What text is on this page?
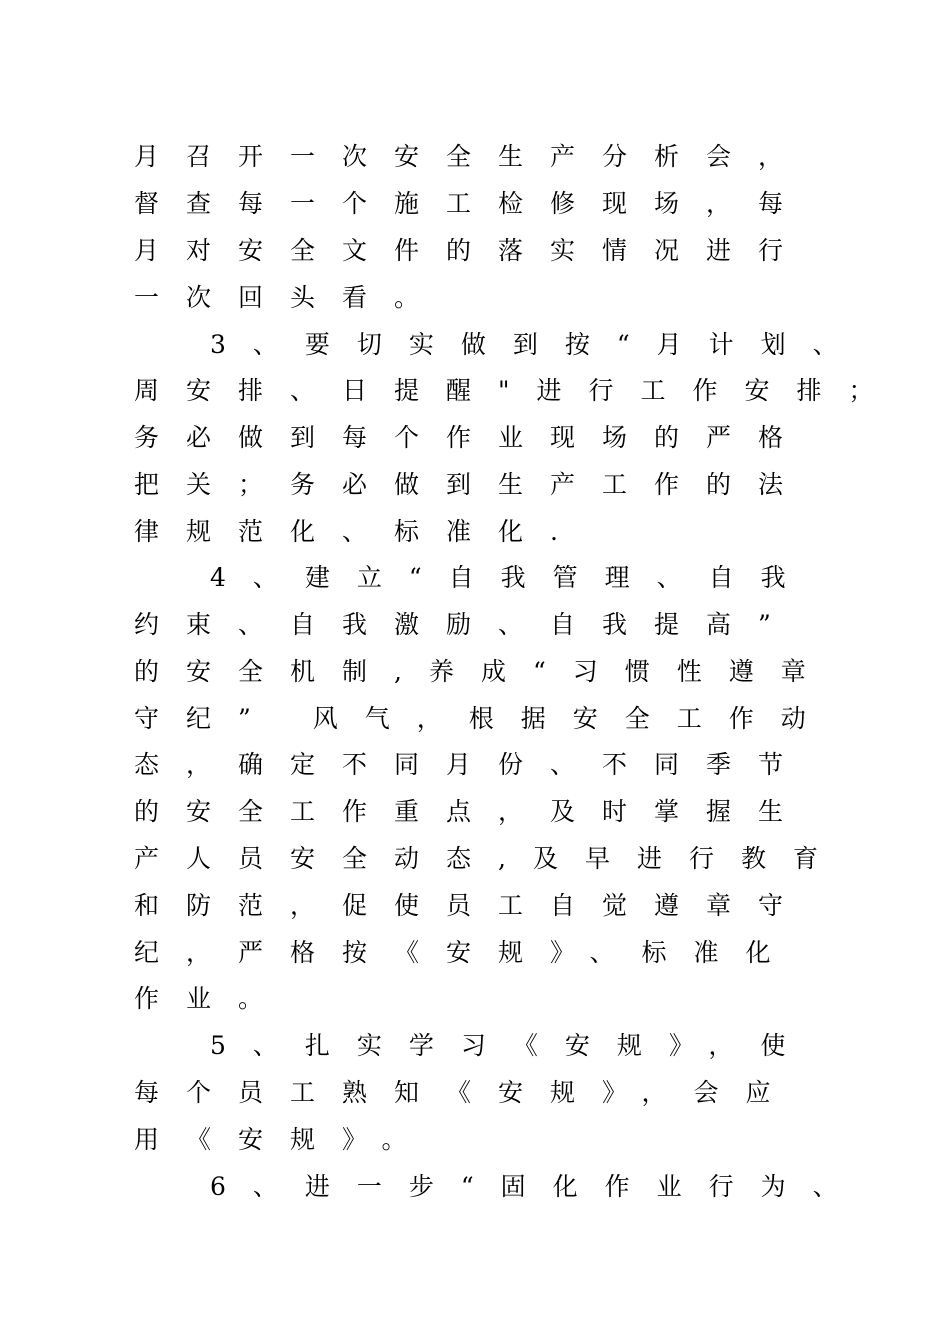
月召开一次安全生产分析会，
督查每一个施工检修现场，每
月对安全文件的落实情况进行
一次回头看。
3、要切实做到按“月计划、
周安排、日提醒"进行工作安排；
务必做到每个作业现场的严格
把关；务必做到生产工作的法
律规范化、标准化.
4、建立“自我管理、自我
约束、自我激励、自我提高”
的安全机制,养成“习惯性遵章
守纪” 风气，根据安全工作动
态，确定不同月份、不同季节
的安全工作重点，及时掌握生
产人员安全动态,及早进行教育
和防范，促使员工自觉遵章守
纪，严格按《安规》、标准化
作业。
5、扎实学习《安规》，使
每个员工熟知《安规》，会应
用《安规》。
6、进一步“固化作业行为、
